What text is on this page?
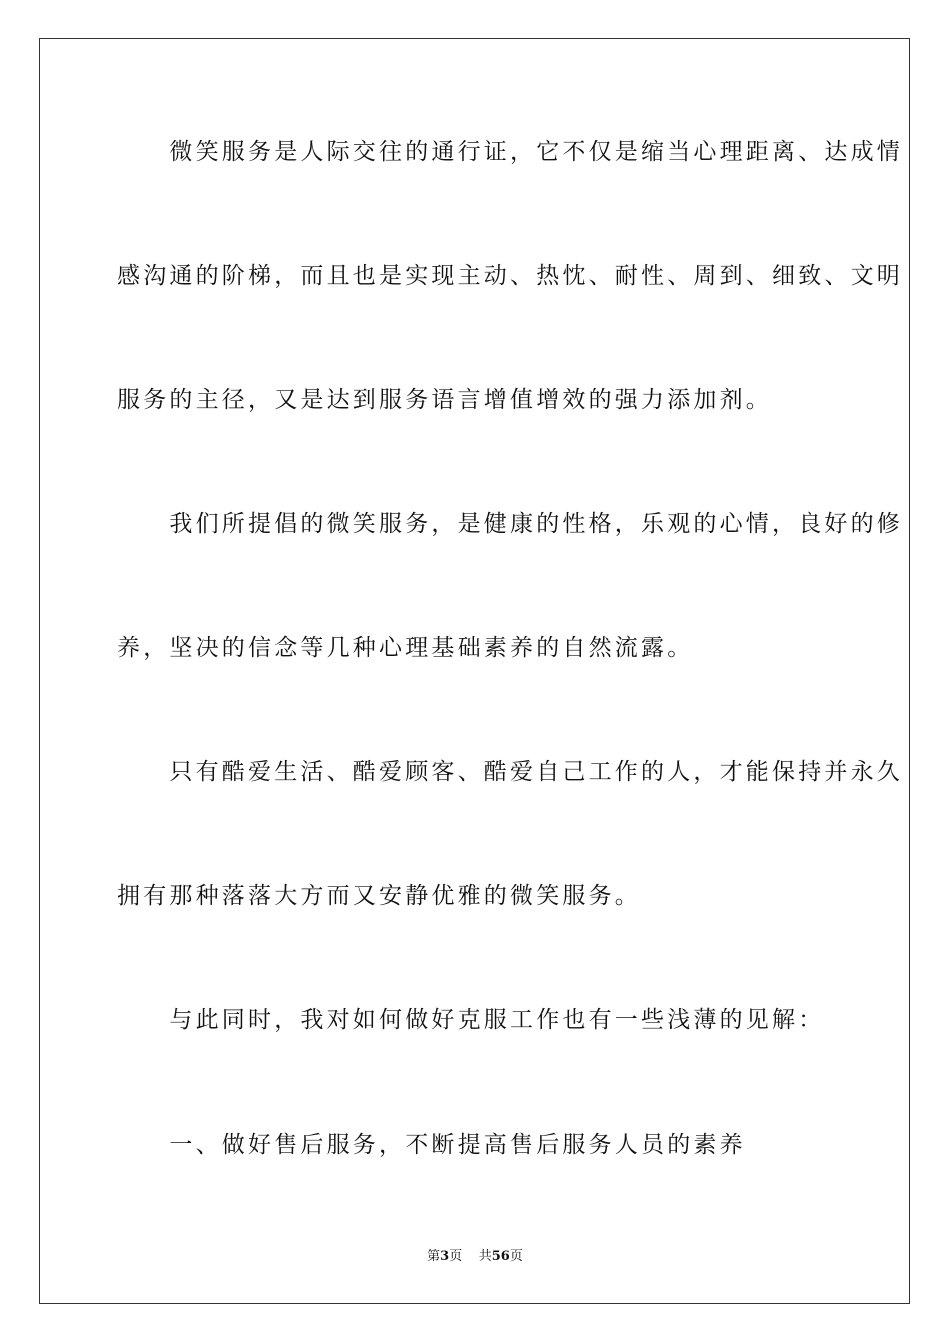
　　微笑服务是人际交往的通行证，它不仅是缩当心理距离、达成情
感沟通的阶梯，而且也是实现主动、热忱、耐性、周到、细致、文明
服务的主径，又是达到服务语言增值增效的强力添加剂。
　　我们所提倡的微笑服务，是健康的性格，乐观的心情，良好的修
养，坚决的信念等几种心理基础素养的自然流露。
　　只有酷爱生活、酷爱顾客、酷爱自己工作的人，才能保持并永久
拥有那种落落大方而又安静优雅的微笑服务。
　　与此同时，我对如何做好克服工作也有一些浅薄的见解：
　　一、做好售后服务，不断提高售后服务人员的素养
第3页 共56页
